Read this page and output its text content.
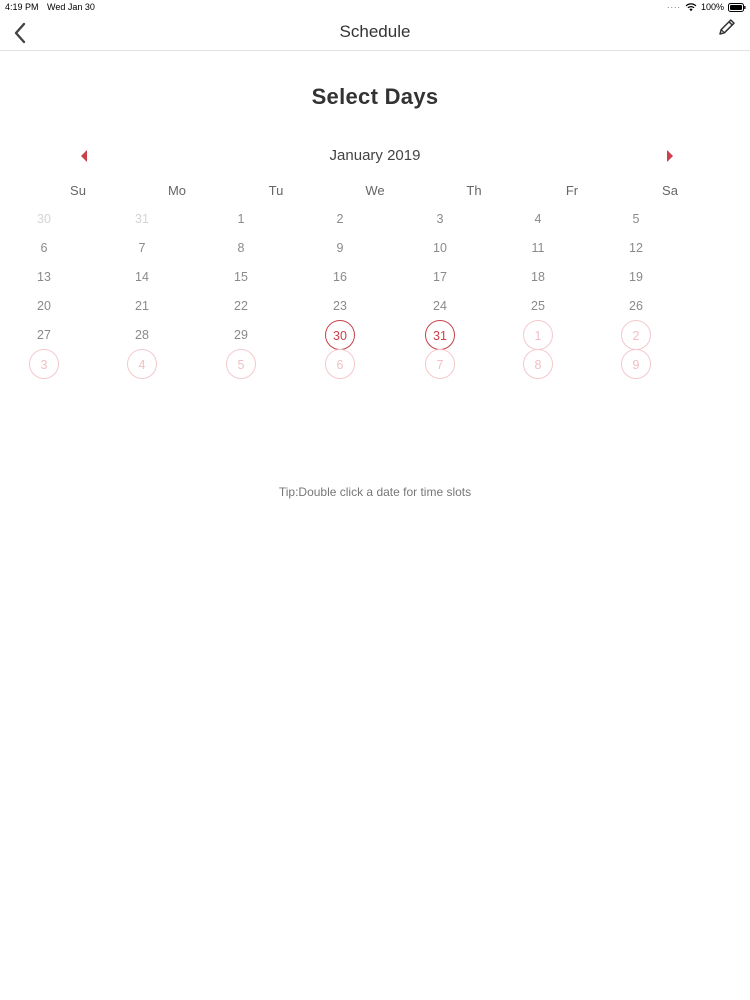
4:19 PM Wed Jan 30	.... 100%
Schedule
Select Days
January 2019
Su	Mo	Tu	We	Th	Fr	Sa
30	31	1	2	3	4	5
6	7	8	9	10	11	12
13	14	15	16	17	18	19
20	21	22	23	24	25	26
27	28	29	30	31	1	2
3	4	5	6	7	8	9
Tip:Double click a date for time slots
